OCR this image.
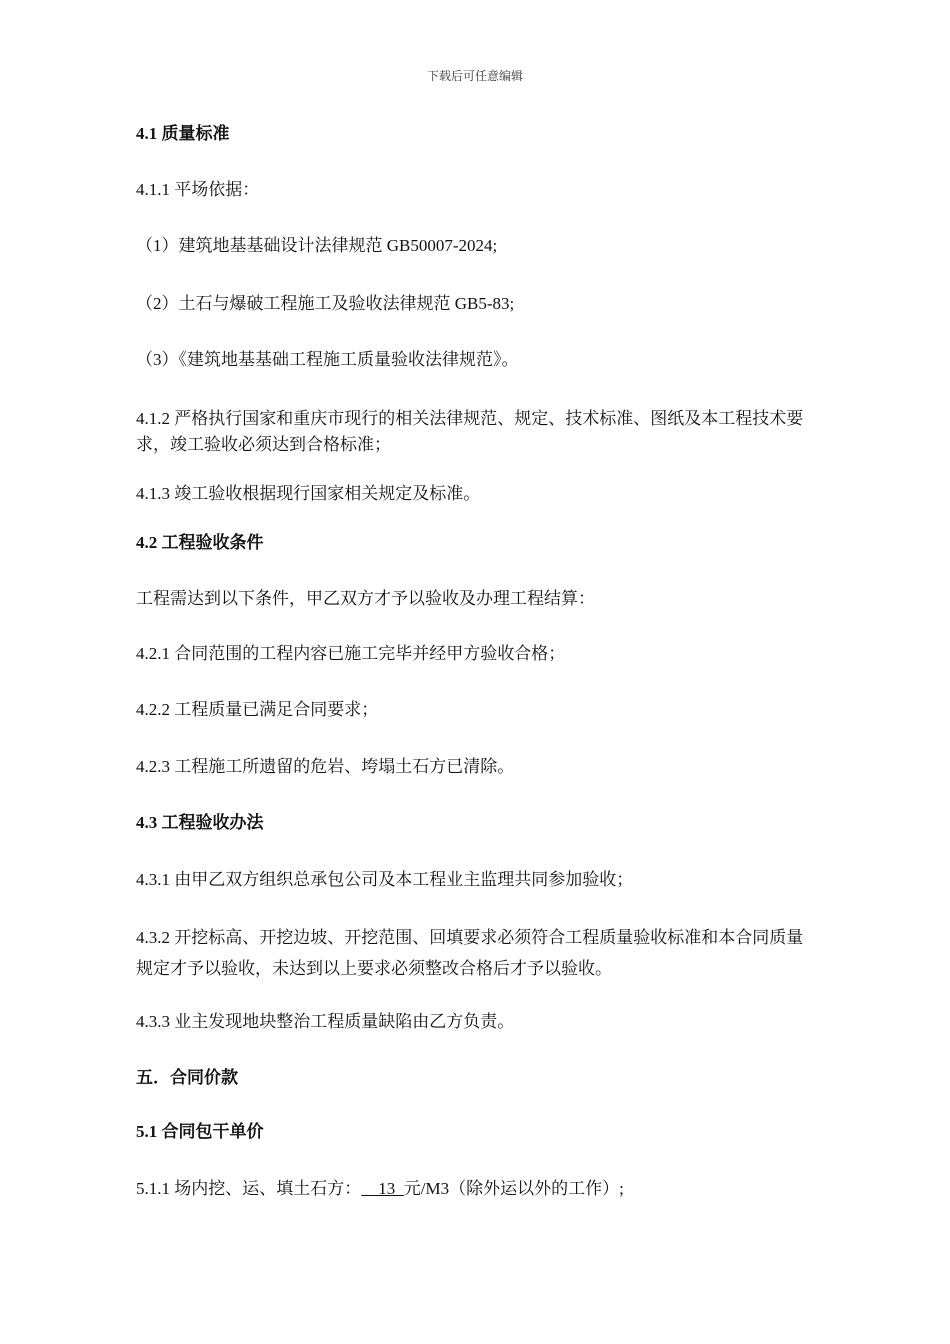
下载后可任意编辑
4.1 质量标准
4.1.1 平场依据：
（1）建筑地基基础设计法律规范 GB50007-2024;
（2）土石与爆破工程施工及验收法律规范 GB5-83;
（3）《建筑地基基础工程施工质量验收法律规范》。
4.1.2 严格执行国家和重庆市现行的相关法律规范、规定、技术标准、图纸及本工程技术要求，竣工验收必须达到合格标准；
4.1.3 竣工验收根据现行国家相关规定及标准。
4.2 工程验收条件
工程需达到以下条件，甲乙双方才予以验收及办理工程结算：
4.2.1 合同范围的工程内容已施工完毕并经甲方验收合格；
4.2.2 工程质量已满足合同要求；
4.2.3 工程施工所遗留的危岩、垮塌土石方已清除。
4.3 工程验收办法
4.3.1 由甲乙双方组织总承包公司及本工程业主监理共同参加验收；
4.3.2 开挖标高、开挖边坡、开挖范围、回填要求必须符合工程质量验收标准和本合同质量规定才予以验收，未达到以上要求必须整改合格后才予以验收。
4.3.3 业主发现地块整治工程质量缺陷由乙方负责。
五．合同价款
5.1 合同包干单价
5.1.1 场内挖、运、填土石方：    13  元/M3（除外运以外的工作）;
